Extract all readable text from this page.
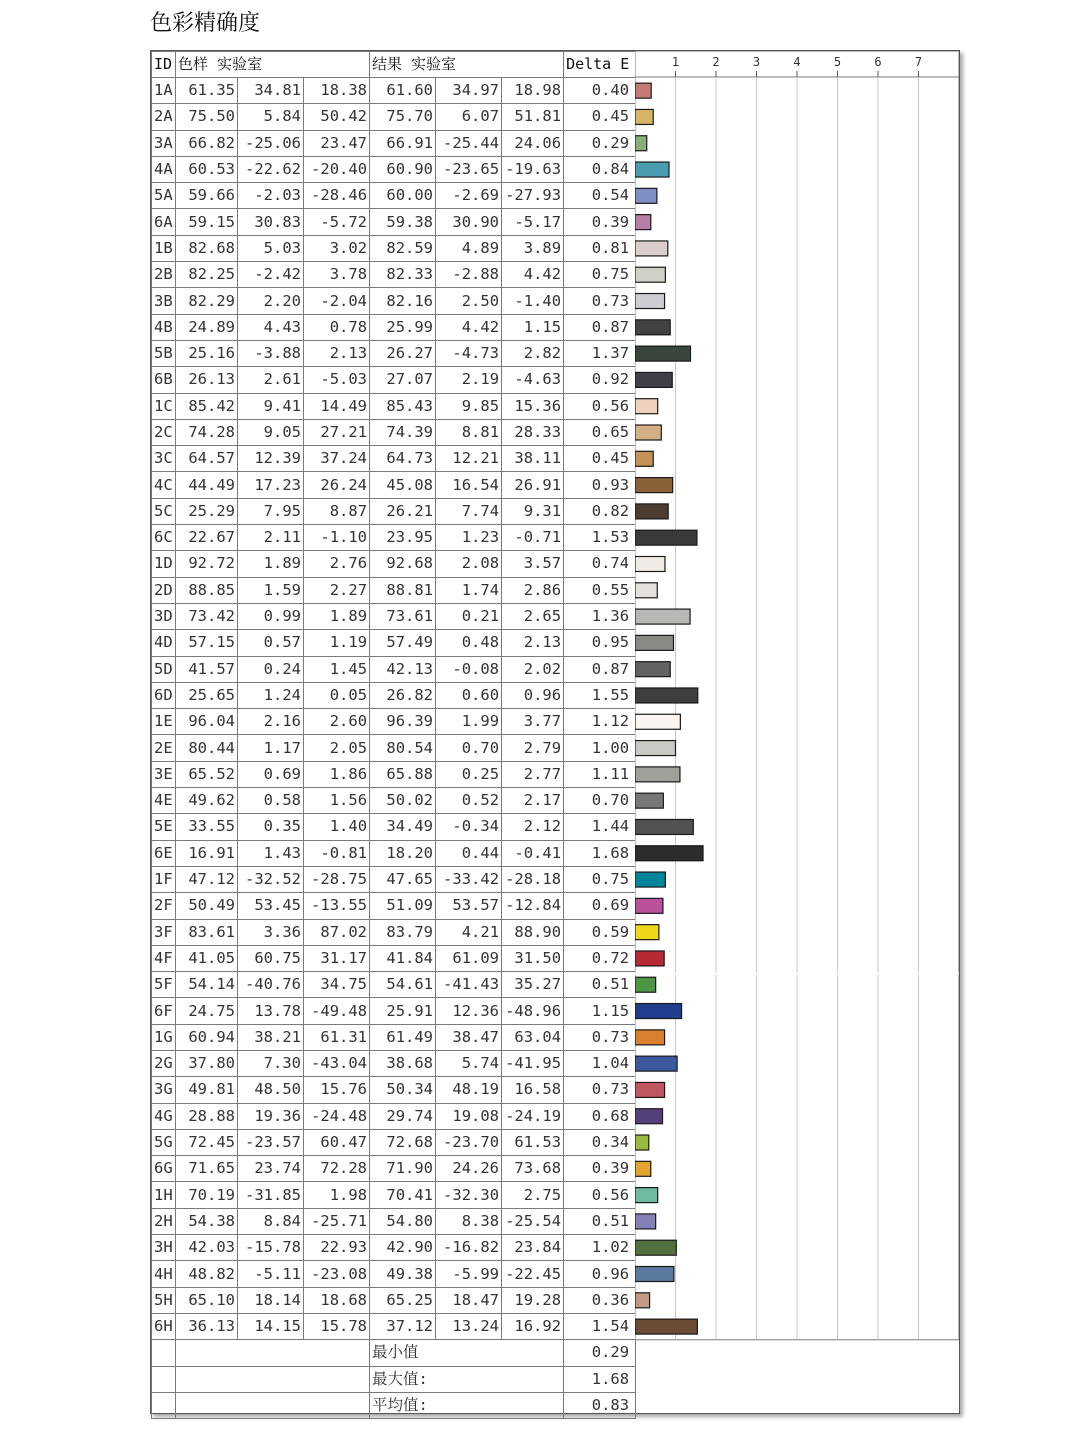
色彩精确度
ID	色样 实验室			结果 实验室			Delta E
1A	61.35	34.81	18.38	61.60	34.97	18.98	0.40
2A	75.50	5.84	50.42	75.70	6.07	51.81	0.45
3A	66.82	-25.06	23.47	66.91	-25.44	24.06	0.29
4A	60.53	-22.62	-20.40	60.90	-23.65	-19.63	0.84
5A	59.66	-2.03	-28.46	60.00	-2.69	-27.93	0.54
6A	59.15	30.83	-5.72	59.38	30.90	-5.17	0.39
1B	82.68	5.03	3.02	82.59	4.89	3.89	0.81
2B	82.25	-2.42	3.78	82.33	-2.88	4.42	0.75
3B	82.29	2.20	-2.04	82.16	2.50	-1.40	0.73
4B	24.89	4.43	0.78	25.99	4.42	1.15	0.87
5B	25.16	-3.88	2.13	26.27	-4.73	2.82	1.37
6B	26.13	2.61	-5.03	27.07	2.19	-4.63	0.92
1C	85.42	9.41	14.49	85.43	9.85	15.36	0.56
2C	74.28	9.05	27.21	74.39	8.81	28.33	0.65
3C	64.57	12.39	37.24	64.73	12.21	38.11	0.45
4C	44.49	17.23	26.24	45.08	16.54	26.91	0.93
5C	25.29	7.95	8.87	26.21	7.74	9.31	0.82
6C	22.67	2.11	-1.10	23.95	1.23	-0.71	1.53
1D	92.72	1.89	2.76	92.68	2.08	3.57	0.74
2D	88.85	1.59	2.27	88.81	1.74	2.86	0.55
3D	73.42	0.99	1.89	73.61	0.21	2.65	1.36
4D	57.15	0.57	1.19	57.49	0.48	2.13	0.95
5D	41.57	0.24	1.45	42.13	-0.08	2.02	0.87
6D	25.65	1.24	0.05	26.82	0.60	0.96	1.55
1E	96.04	2.16	2.60	96.39	1.99	3.77	1.12
2E	80.44	1.17	2.05	80.54	0.70	2.79	1.00
3E	65.52	0.69	1.86	65.88	0.25	2.77	1.11
4E	49.62	0.58	1.56	50.02	0.52	2.17	0.70
5E	33.55	0.35	1.40	34.49	-0.34	2.12	1.44
6E	16.91	1.43	-0.81	18.20	0.44	-0.41	1.68
1F	47.12	-32.52	-28.75	47.65	-33.42	-28.18	0.75
2F	50.49	53.45	-13.55	51.09	53.57	-12.84	0.69
3F	83.61	3.36	87.02	83.79	4.21	88.90	0.59
4F	41.05	60.75	31.17	41.84	61.09	31.50	0.72
5F	54.14	-40.76	34.75	54.61	-41.43	35.27	0.51
6F	24.75	13.78	-49.48	25.91	12.36	-48.96	1.15
1G	60.94	38.21	61.31	61.49	38.47	63.04	0.73
2G	37.80	7.30	-43.04	38.68	5.74	-41.95	1.04
3G	49.81	48.50	15.76	50.34	48.19	16.58	0.73
4G	28.88	19.36	-24.48	29.74	19.08	-24.19	0.68
5G	72.45	-23.57	60.47	72.68	-23.70	61.53	0.34
6G	71.65	23.74	72.28	71.90	24.26	73.68	0.39
1H	70.19	-31.85	1.98	70.41	-32.30	2.75	0.56
2H	54.38	8.84	-25.71	54.80	8.38	-25.54	0.51
3H	42.03	-15.78	22.93	42.90	-16.82	23.84	1.02
4H	48.82	-5.11	-23.08	49.38	-5.99	-22.45	0.96
5H	65.10	18.14	18.68	65.25	18.47	19.28	0.36
6H	36.13	14.15	15.78	37.12	13.24	16.92	1.54
				最小值			0.29
				最大值:			1.68
				平均值:			0.83
1	2	3	4	5	6	7
